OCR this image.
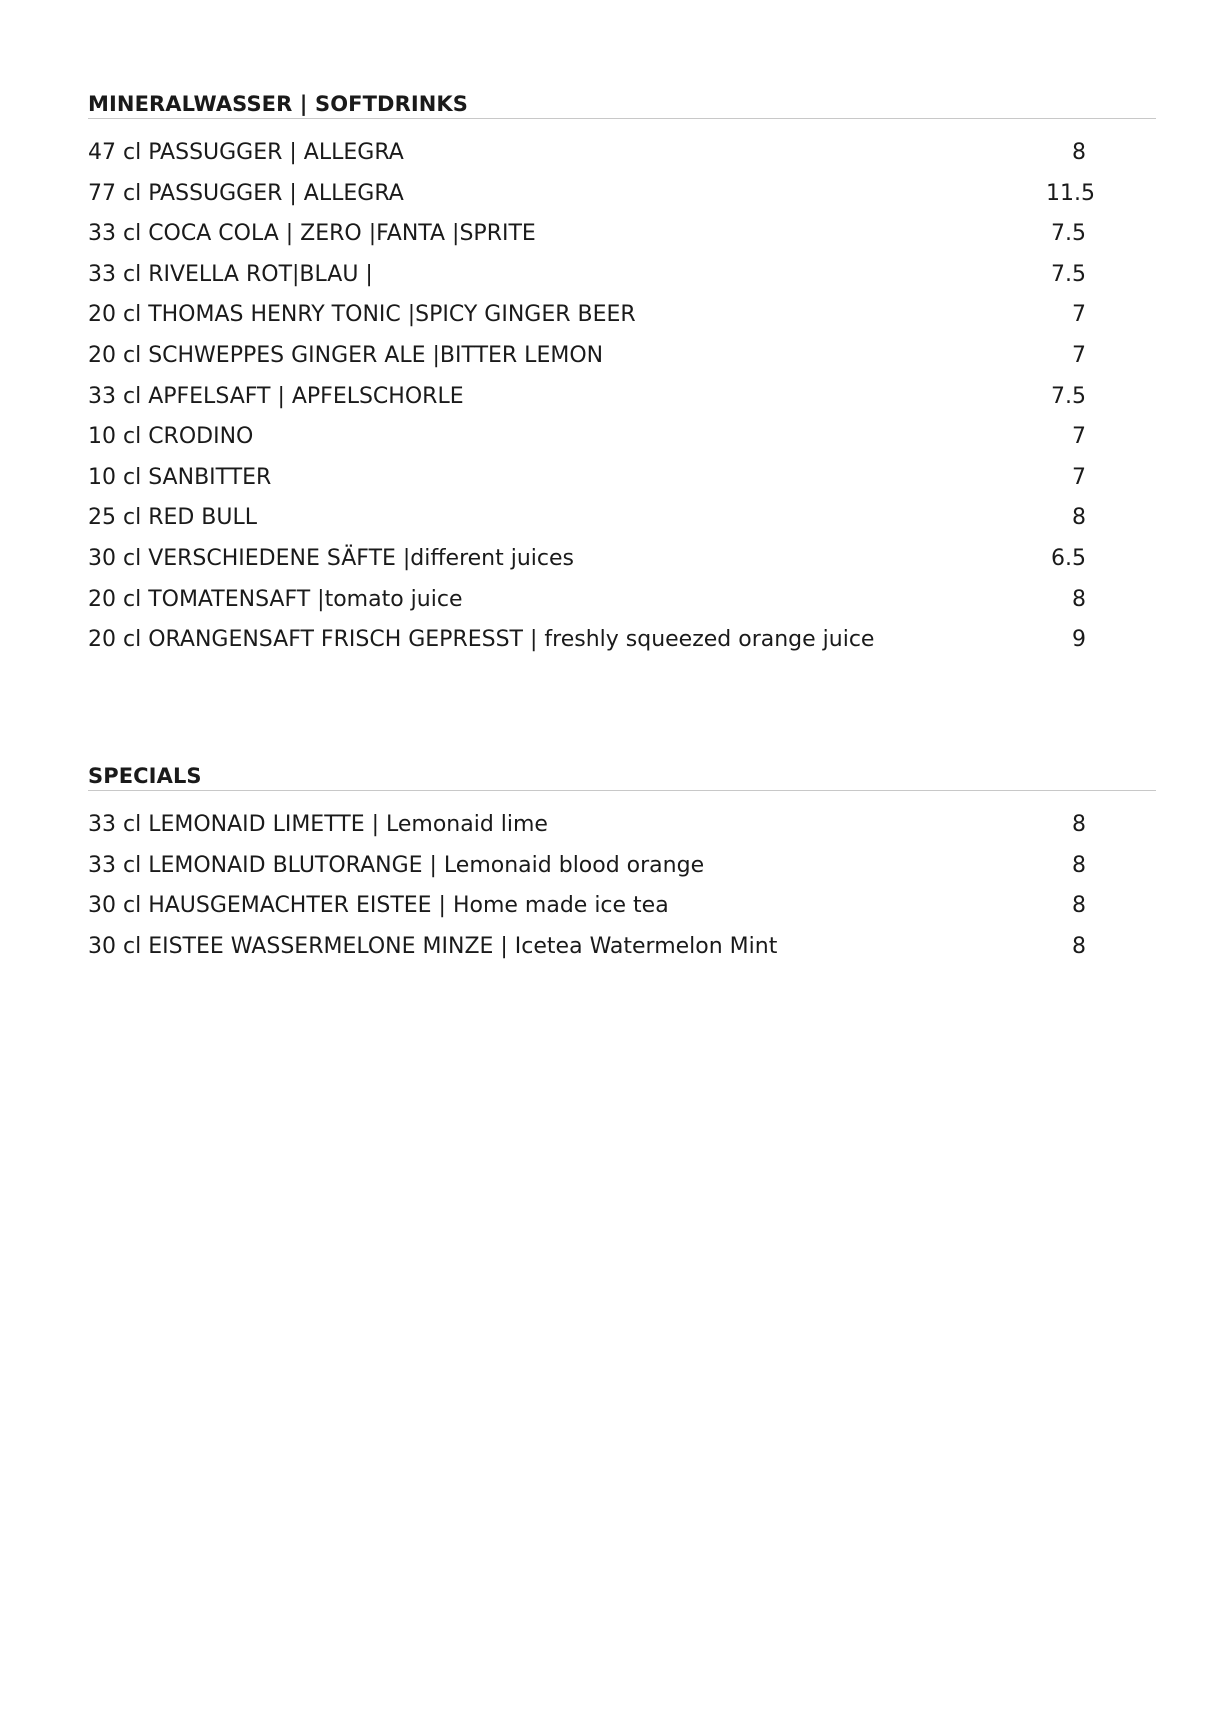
MINERALWASSER | SOFTDRINKS
47 cl PASSUGGER | ALLEGRA	8
77 cl PASSUGGER | ALLEGRA	11.5
33 cl COCA COLA | ZERO |FANTA |SPRITE	7.5
33 cl RIVELLA ROT|BLAU |	7.5
20 cl THOMAS HENRY TONIC |SPICY GINGER BEER	7
20 cl SCHWEPPES GINGER ALE |BITTER LEMON	7
33 cl APFELSAFT | APFELSCHORLE	7.5
10 cl CRODINO	7
10 cl SANBITTER	7
25 cl RED BULL	8
30 cl VERSCHIEDENE SÄFTE |different juices	6.5
20 cl TOMATENSAFT |tomato juice	8
20 cl ORANGENSAFT FRISCH GEPRESST | freshly squeezed orange juice	9
SPECIALS
33 cl LEMONAID LIMETTE | Lemonaid lime	8
33 cl LEMONAID BLUTORANGE | Lemonaid blood orange	8
30 cl HAUSGEMACHTER EISTEE | Home made ice tea	8
30 cl EISTEE WASSERMELONE MINZE | Icetea Watermelon Mint	8
